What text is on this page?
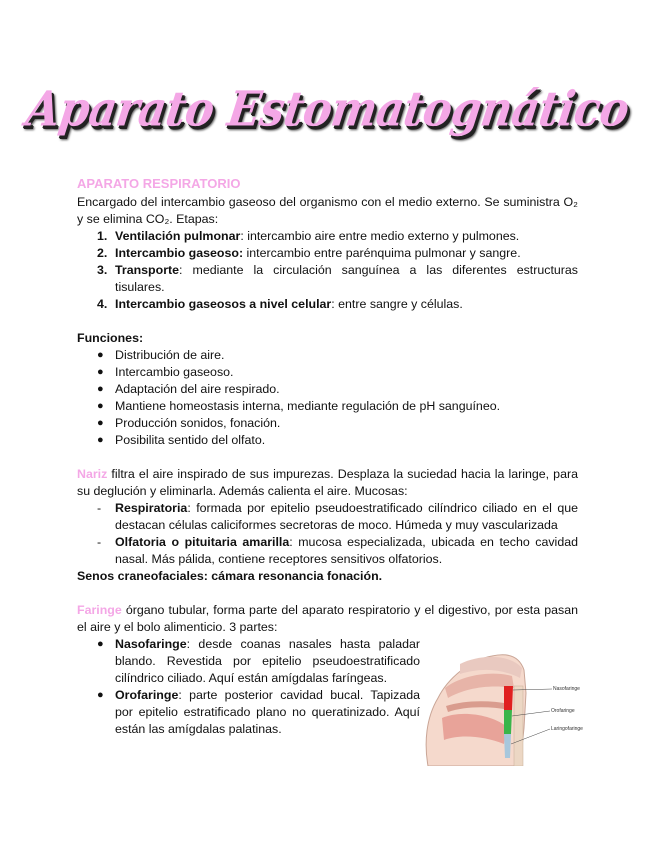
Aparato Estomatognático
APARATO RESPIRATORIO

Encargado del intercambio gaseoso del organismo con el medio externo. Se suministra O₂ y se elimina CO₂. Etapas:

1. Ventilación pulmonar: intercambio aire entre medio externo y pulmones.
2. Intercambio gaseoso: intercambio entre parénquima pulmonar y sangre.
3. Transporte: mediante la circulación sanguínea a las diferentes estructuras tisulares.
4. Intercambio gaseosos a nivel celular: entre sangre y células.
Funciones:
● Distribución de aire.
● Intercambio gaseoso.
● Adaptación del aire respirado.
● Mantiene homeostasis interna, mediante regulación de pH sanguíneo.
● Producción sonidos, fonación.
● Posibilita sentido del olfato.

Nariz filtra el aire inspirado de sus impurezas. Desplaza la suciedad hacia la laringe, para su deglución y eliminarla. Además calienta el aire. Mucosas:

- Respiratoria: formada por epitelio pseudoestratificado cilíndrico ciliado en el que destacan células caliciformes secretoras de moco. Húmeda y muy vascularizada
- Olfatoria o pituitaria amarilla: mucosa especializada, ubicada en techo cavidad nasal. Más pálida, contiene receptores sensitivos olfatorios.
Senos craneofaciales: cámara resonancia fonación.

Faringe órgano tubular, forma parte del aparato respiratorio y el digestivo, por esta pasan el aire y el bolo alimenticio. 3 partes:

● Nasofaringe: desde coanas nasales hasta paladar blando. Revestida por epitelio pseudoestratificado cilíndrico ciliado. Aquí están amígdalas faríngeas.
● Orofaringe: parte posterior cavidad bucal. Tapizada por epitelio estratificado plano no queratinizado. Aquí están las amígdalas palatinas.
Nasofaringe
Orofaringe
Laringofaringe
